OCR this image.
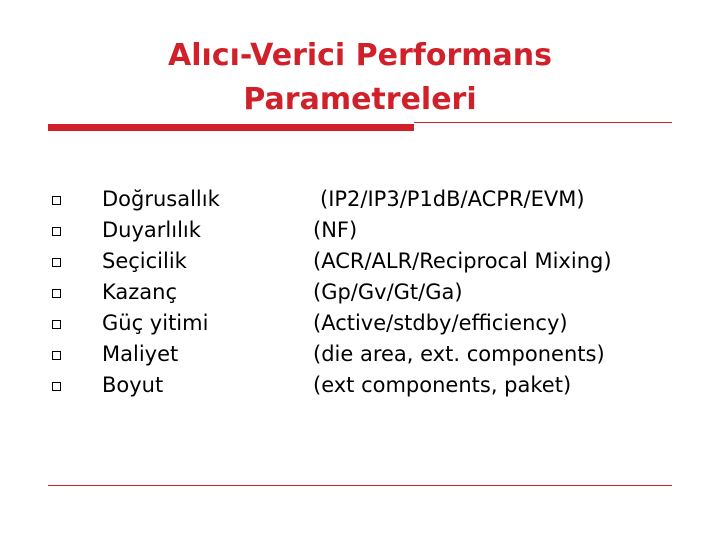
Alıcı-Verici Performans
Parametreleri
Doğrusallık	(IP2/IP3/P1dB/ACPR/EVM)
Duyarlılık	(NF)
Seçicilik	(ACR/ALR/Reciprocal Mixing)
Kazanç	(Gp/Gv/Gt/Ga)
Güç yitimi	(Active/stdby/efficiency)
Maliyet	(die area, ext. components)
Boyut	(ext components, paket)
